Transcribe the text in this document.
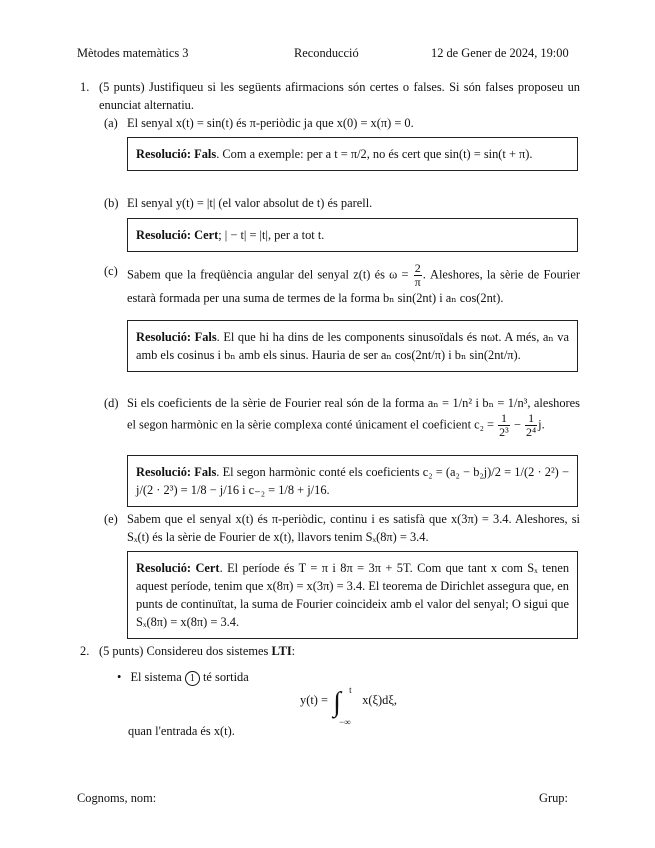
Mètodes matemàtics 3	Reconducció	12 de Gener de 2024, 19:00
1. (5 punts) Justifiqueu si les següents afirmacions són certes o falses. Si són falses proposeu un enunciat alternatiu.
(a) El senyal x(t) = sin(t) és π-periòdic ja que x(0) = x(π) = 0.
Resolució: Fals. Com a exemple: per a t = π/2, no és cert que sin(t) = sin(t + π).
(b) El senyal y(t) = |t| (el valor absolut de t) és parell.
Resolució: Cert; | − t| = |t|, per a tot t.
(c) Sabem que la freqüència angular del senyal z(t) és $\omega = \frac{2}{\pi}$ . Aleshores, la sèrie de Fourier estarà formada per una suma de termes de la forma bₙ sin(2nt) i aₙ cos(2nt).
Resolució: Fals. El que hi ha dins de les components sinusoïdals és nωt. A més, aₙ va amb els cosinus i bₙ amb els sinus. Hauria de ser aₙ cos(2nt/π) i bₙ sin(2nt/π).
(d) Si els coeficients de la sèrie de Fourier real són de la forma aₙ = 1/n² i bₙ = 1/n³, aleshores el segon harmònic en la sèrie complexa conté únicament el coeficient $c_2 = \frac{1}{\text{2³}} - \frac{1}{\text{2⁴}} j$.
Resolució: Fals. El segon harmònic conté els coeficients c₂ = (a₂ − b₂j)/2 = 1/(2 · 2²) − j/(2 · 2³) = 1/8 − j/16 i c₋₂ = 1/8 + j/16.
(e) Sabem que el senyal x(t) és π-periòdic, continu i es satisfà que x(3π) = 3.4. Aleshores, si Sₓ(t) és la sèrie de Fourier de x(t), llavors tenim Sₓ(8π) = 3.4.
Resolució: Cert. El període és T = π i 8π = 3π + 5T. Com que tant x com Sₓ tenen aquest període, tenim que x(8π) = x(3π) = 3.4. El teorema de Dirichlet assegura que, en punts de continuïtat, la suma de Fourier coincideix amb el valor del senyal; O sigui que Sₓ(8π) = x(8π) = 3.4.
2. (5 punts) Considereu dos sistemes LTI:
• El sistema 1 té sortida
y(t) = ∫ t
−∞
x(ξ)dξ,
quan l'entrada és x(t).
Cognoms, nom:	Grup:
